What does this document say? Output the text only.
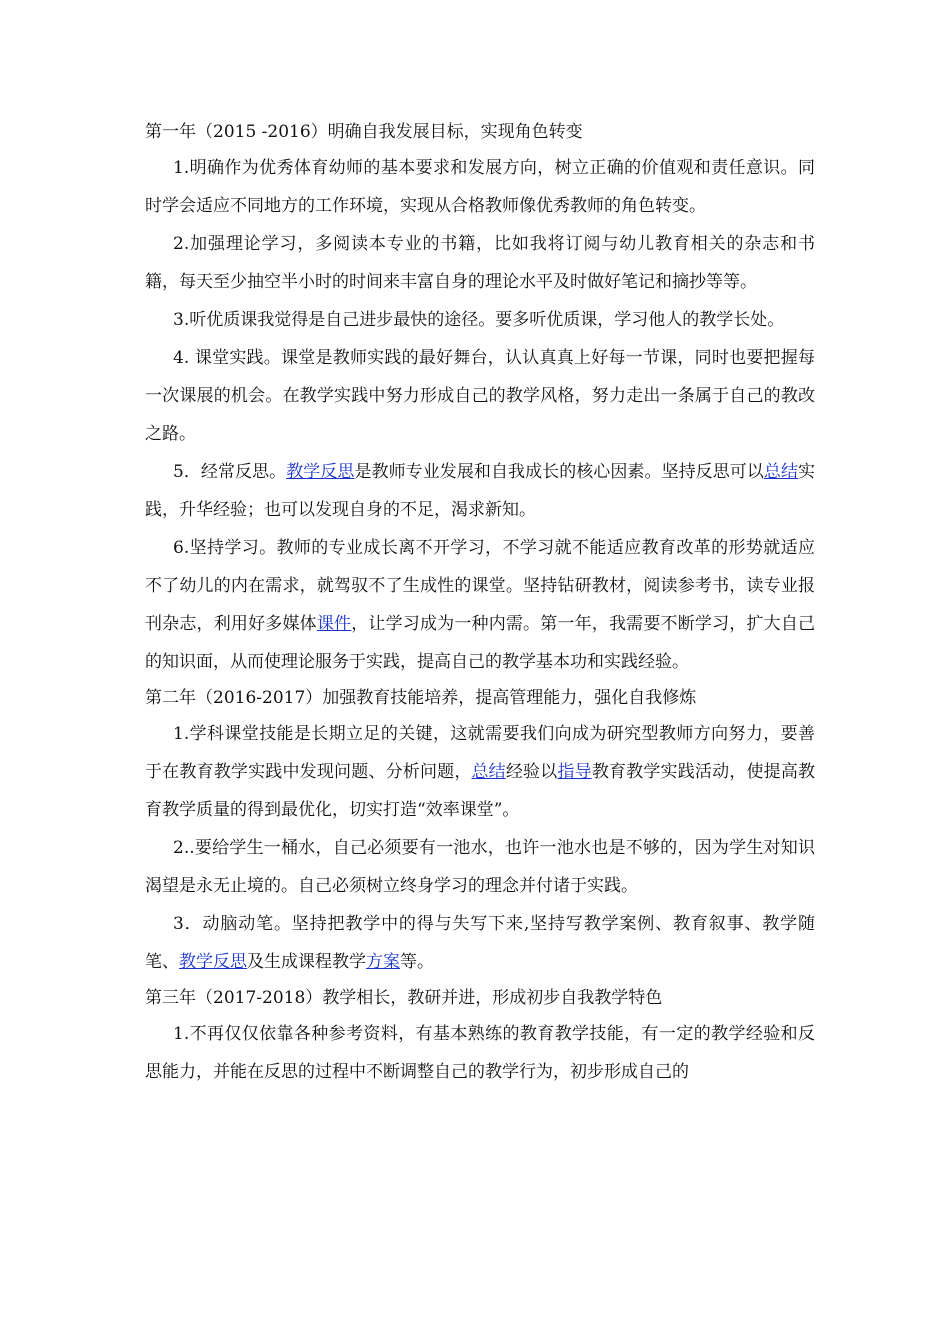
第一年（2015 -2016）明确自我发展目标，实现角色转变

1.明确作为优秀体育幼师的基本要求和发展方向，树立正确的价值观和责任意识。同时学会适应不同地方的工作环境，实现从合格教师像优秀教师的角色转变。

2.加强理论学习，多阅读本专业的书籍，比如我将订阅与幼儿教育相关的杂志和书籍，每天至少抽空半小时的时间来丰富自身的理论水平及时做好笔记和摘抄等等。

3.听优质课我觉得是自己进步最快的途径。要多听优质课，学习他人的教学长处。

4. 课堂实践。课堂是教师实践的最好舞台，认认真真上好每一节课，同时也要把握每一次课展的机会。在教学实践中努力形成自己的教学风格，努力走出一条属于自己的教改之路。

5．经常反思。教学反思是教师专业发展和自我成长的核心因素。坚持反思可以总结实践，升华经验；也可以发现自身的不足，渴求新知。

6.坚持学习。教师的专业成长离不开学习，不学习就不能适应教育改革的形势就适应不了幼儿的内在需求，就驾驭不了生成性的课堂。坚持钻研教材，阅读参考书，读专业报刊杂志，利用好多媒体课件，让学习成为一种内需。第一年，我需要不断学习，扩大自己的知识面，从而使理论服务于实践，提高自己的教学基本功和实践经验。

第二年（2016-2017）加强教育技能培养，提高管理能力，强化自我修炼

1.学科课堂技能是长期立足的关键，这就需要我们向成为研究型教师方向努力，要善于在教育教学实践中发现问题、分析问题，总结经验以指导教育教学实践活动，使提高教育教学质量的得到最优化，切实打造“效率课堂”。

2..要给学生一桶水，自己必须要有一池水，也许一池水也是不够的，因为学生对知识渴望是永无止境的。自己必须树立终身学习的理念并付诸于实践。

3．动脑动笔。坚持把教学中的得与失写下来,坚持写教学案例、教育叙事、教学随笔、教学反思及生成课程教学方案等。

第三年（2017-2018）教学相长，教研并进，形成初步自我教学特色

1.不再仅仅依靠各种参考资料，有基本熟练的教育教学技能，有一定的教学经验和反思能力，并能在反思的过程中不断调整自己的教学行为，初步形成自己的
